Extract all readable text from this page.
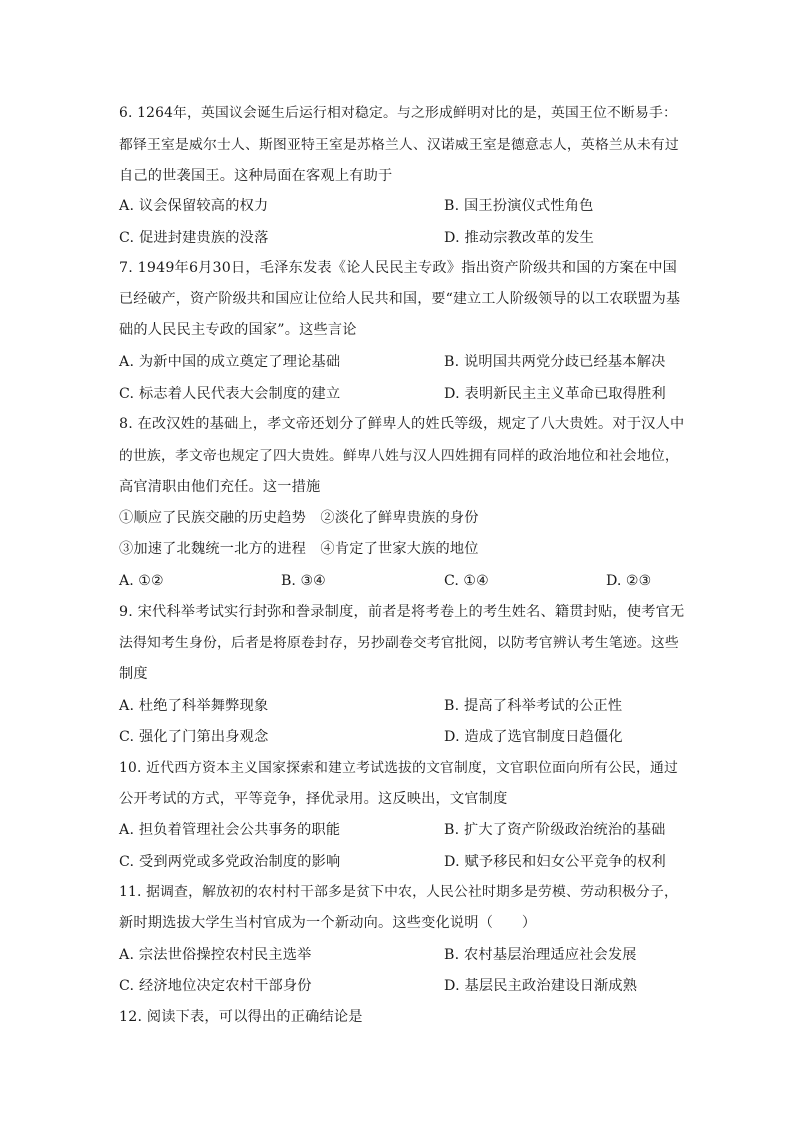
6. 1264年，英国议会诞生后运行相对稳定。与之形成鲜明对比的是，英国王位不断易手：
都铎王室是威尔士人、斯图亚特王室是苏格兰人、汉诺威王室是德意志人，英格兰从未有过
自己的世袭国王。这种局面在客观上有助于
A. 议会保留较高的权力	B. 国王扮演仪式性角色
C. 促进封建贵族的没落	D. 推动宗教改革的发生
7. 1949年6月30日，毛泽东发表《论人民民主专政》指出资产阶级共和国的方案在中国
已经破产，资产阶级共和国应让位给人民共和国，要“建立工人阶级领导的以工农联盟为基
础的人民民主专政的国家”。这些言论
A. 为新中国的成立奠定了理论基础	B. 说明国共两党分歧已经基本解决
C. 标志着人民代表大会制度的建立	D. 表明新民主主义革命已取得胜利
8. 在改汉姓的基础上，孝文帝还划分了鲜卑人的姓氏等级，规定了八大贵姓。对于汉人中
的世族，孝文帝也规定了四大贵姓。鲜卑八姓与汉人四姓拥有同样的政治地位和社会地位，
高官清职由他们充任。这一措施
①顺应了民族交融的历史趋势　②淡化了鲜卑贵族的身份
③加速了北魏统一北方的进程　④肯定了世家大族的地位
A. ①②	B. ③④	C. ①④	D. ②③
9. 宋代科举考试实行封弥和誊录制度，前者是将考卷上的考生姓名、籍贯封贴，使考官无
法得知考生身份，后者是将原卷封存，另抄副卷交考官批阅，以防考官辨认考生笔迹。这些
制度
A. 杜绝了科举舞弊现象	B. 提高了科举考试的公正性
C. 强化了门第出身观念	D. 造成了选官制度日趋僵化
10. 近代西方资本主义国家探索和建立考试选拔的文官制度，文官职位面向所有公民，通过
公开考试的方式，平等竞争，择优录用。这反映出，文官制度
A. 担负着管理社会公共事务的职能	B. 扩大了资产阶级政治统治的基础
C. 受到两党或多党政治制度的影响	D. 赋予移民和妇女公平竞争的权利
11. 据调查，解放初的农村村干部多是贫下中农，人民公社时期多是劳模、劳动积极分子，
新时期选拔大学生当村官成为一个新动向。这些变化说明（　　）
A. 宗法世俗操控农村民主选举	B. 农村基层治理适应社会发展
C. 经济地位决定农村干部身份	D. 基层民主政治建设日渐成熟
12. 阅读下表，可以得出的正确结论是
